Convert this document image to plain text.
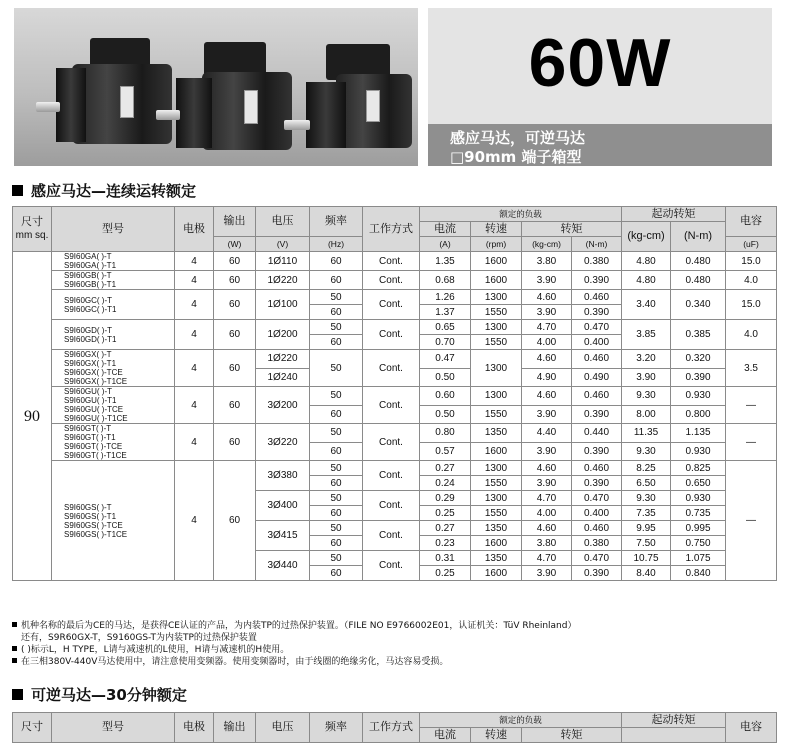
60W
感应马达，可逆马达
□90mm 端子箱型
感应马达—连续运转额定
尺寸
mm sq.	型号	电极	输出	电压	频率	工作方式	额定的负载				起动转矩		电容
							电流	转速	转矩		(kg-cm)	(N-m)	
			(W)	(V)	(Hz)		(A)	(rpm)	(kg-cm)	(N-m)			(uF)
90	S9I60GA( )-T
S9I60GA( )-T1	4	60	1Ø110	60	Cont.	1.35	1600	3.80	0.380	4.80	0.480	15.0

	S9I60GB( )-T
S9I60GB( )-T1	4	60	1Ø220	60	Cont.	0.68	1600	3.90	0.390	4.80	0.480	4.0

	S9I60GC( )-T
S9I60GC( )-T1	4	60	1Ø100	50	Cont.	1.26	1300	4.60	0.460	3.40	0.340	15.0
					60		1.37	1550	3.90	0.390			

	S9I60GD( )-T
S9I60GD( )-T1	4	60	1Ø200	50	Cont.	0.65	1300	4.70	0.470	3.85	0.385	4.0
					60		0.70	1550	4.00	0.400			

	S9I60GX( )-T
S9I60GX( )-T1
S9I60GX( )-TCE
S9I60GX( )-T1CE	4	60	1Ø220	50	Cont.	0.47	1300	4.60	0.460	3.20	0.320	3.5
				1Ø240			0.50		4.90	0.490	3.90	0.390	

	S9I60GU( )-T
S9I60GU( )-T1
S9I60GU( )-TCE
S9I60GU( )-T1CE	4	60	3Ø200	50	Cont.	0.60	1300	4.60	0.460	9.30	0.930	—
					60		0.50	1550	3.90	0.390	8.00	0.800	

	S9I60GT( )-T
S9I60GT( )-T1
S9I60GT( )-TCE
S9I60GT( )-T1CE	4	60	3Ø220	50	Cont.	0.80	1350	4.40	0.440	11.35	1.135	—
					60		0.57	1600	3.90	0.390	9.30	0.930	

	S9I60GS( )-T
S9I60GS( )-T1
S9I60GS( )-TCE
S9I60GS( )-T1CE	4	60	3Ø380	50	Cont.	0.27	1300	4.60	0.460	8.25	0.825	—
					60		0.24	1550	3.90	0.390	6.50	0.650	
				3Ø400	50	Cont.	0.29	1300	4.70	0.470	9.30	0.930	
					60		0.25	1550	4.00	0.400	7.35	0.735	
				3Ø415	50	Cont.	0.27	1350	4.60	0.460	9.95	0.995	
					60		0.23	1600	3.80	0.380	7.50	0.750	
				3Ø440	50	Cont.	0.31	1350	4.70	0.470	10.75	1.075	
					60		0.25	1600	3.90	0.390	8.40	0.840	
机种名称的最后为CE的马达，是获得CE认证的产品，为内装TP的过热保护装置。（FILE NO E9766002E01，认证机关：TüV Rheinland）
还有，S9R60GX-T，S9160GS-T为内装TP的过热保护装置
( )标示L，H TYPE，L请与减速机的L使用，H请与减速机的H使用。
在三相380V-440V马达使用中，请注意使用变频器。使用变频器时，由于线圈的绝缘劣化，马达容易受损。
可逆马达—30分钟额定
尺寸	型号	电极	输出	电压	频率	工作方式	额定的负载			起动转矩	电容
							电流	转速	转矩		
